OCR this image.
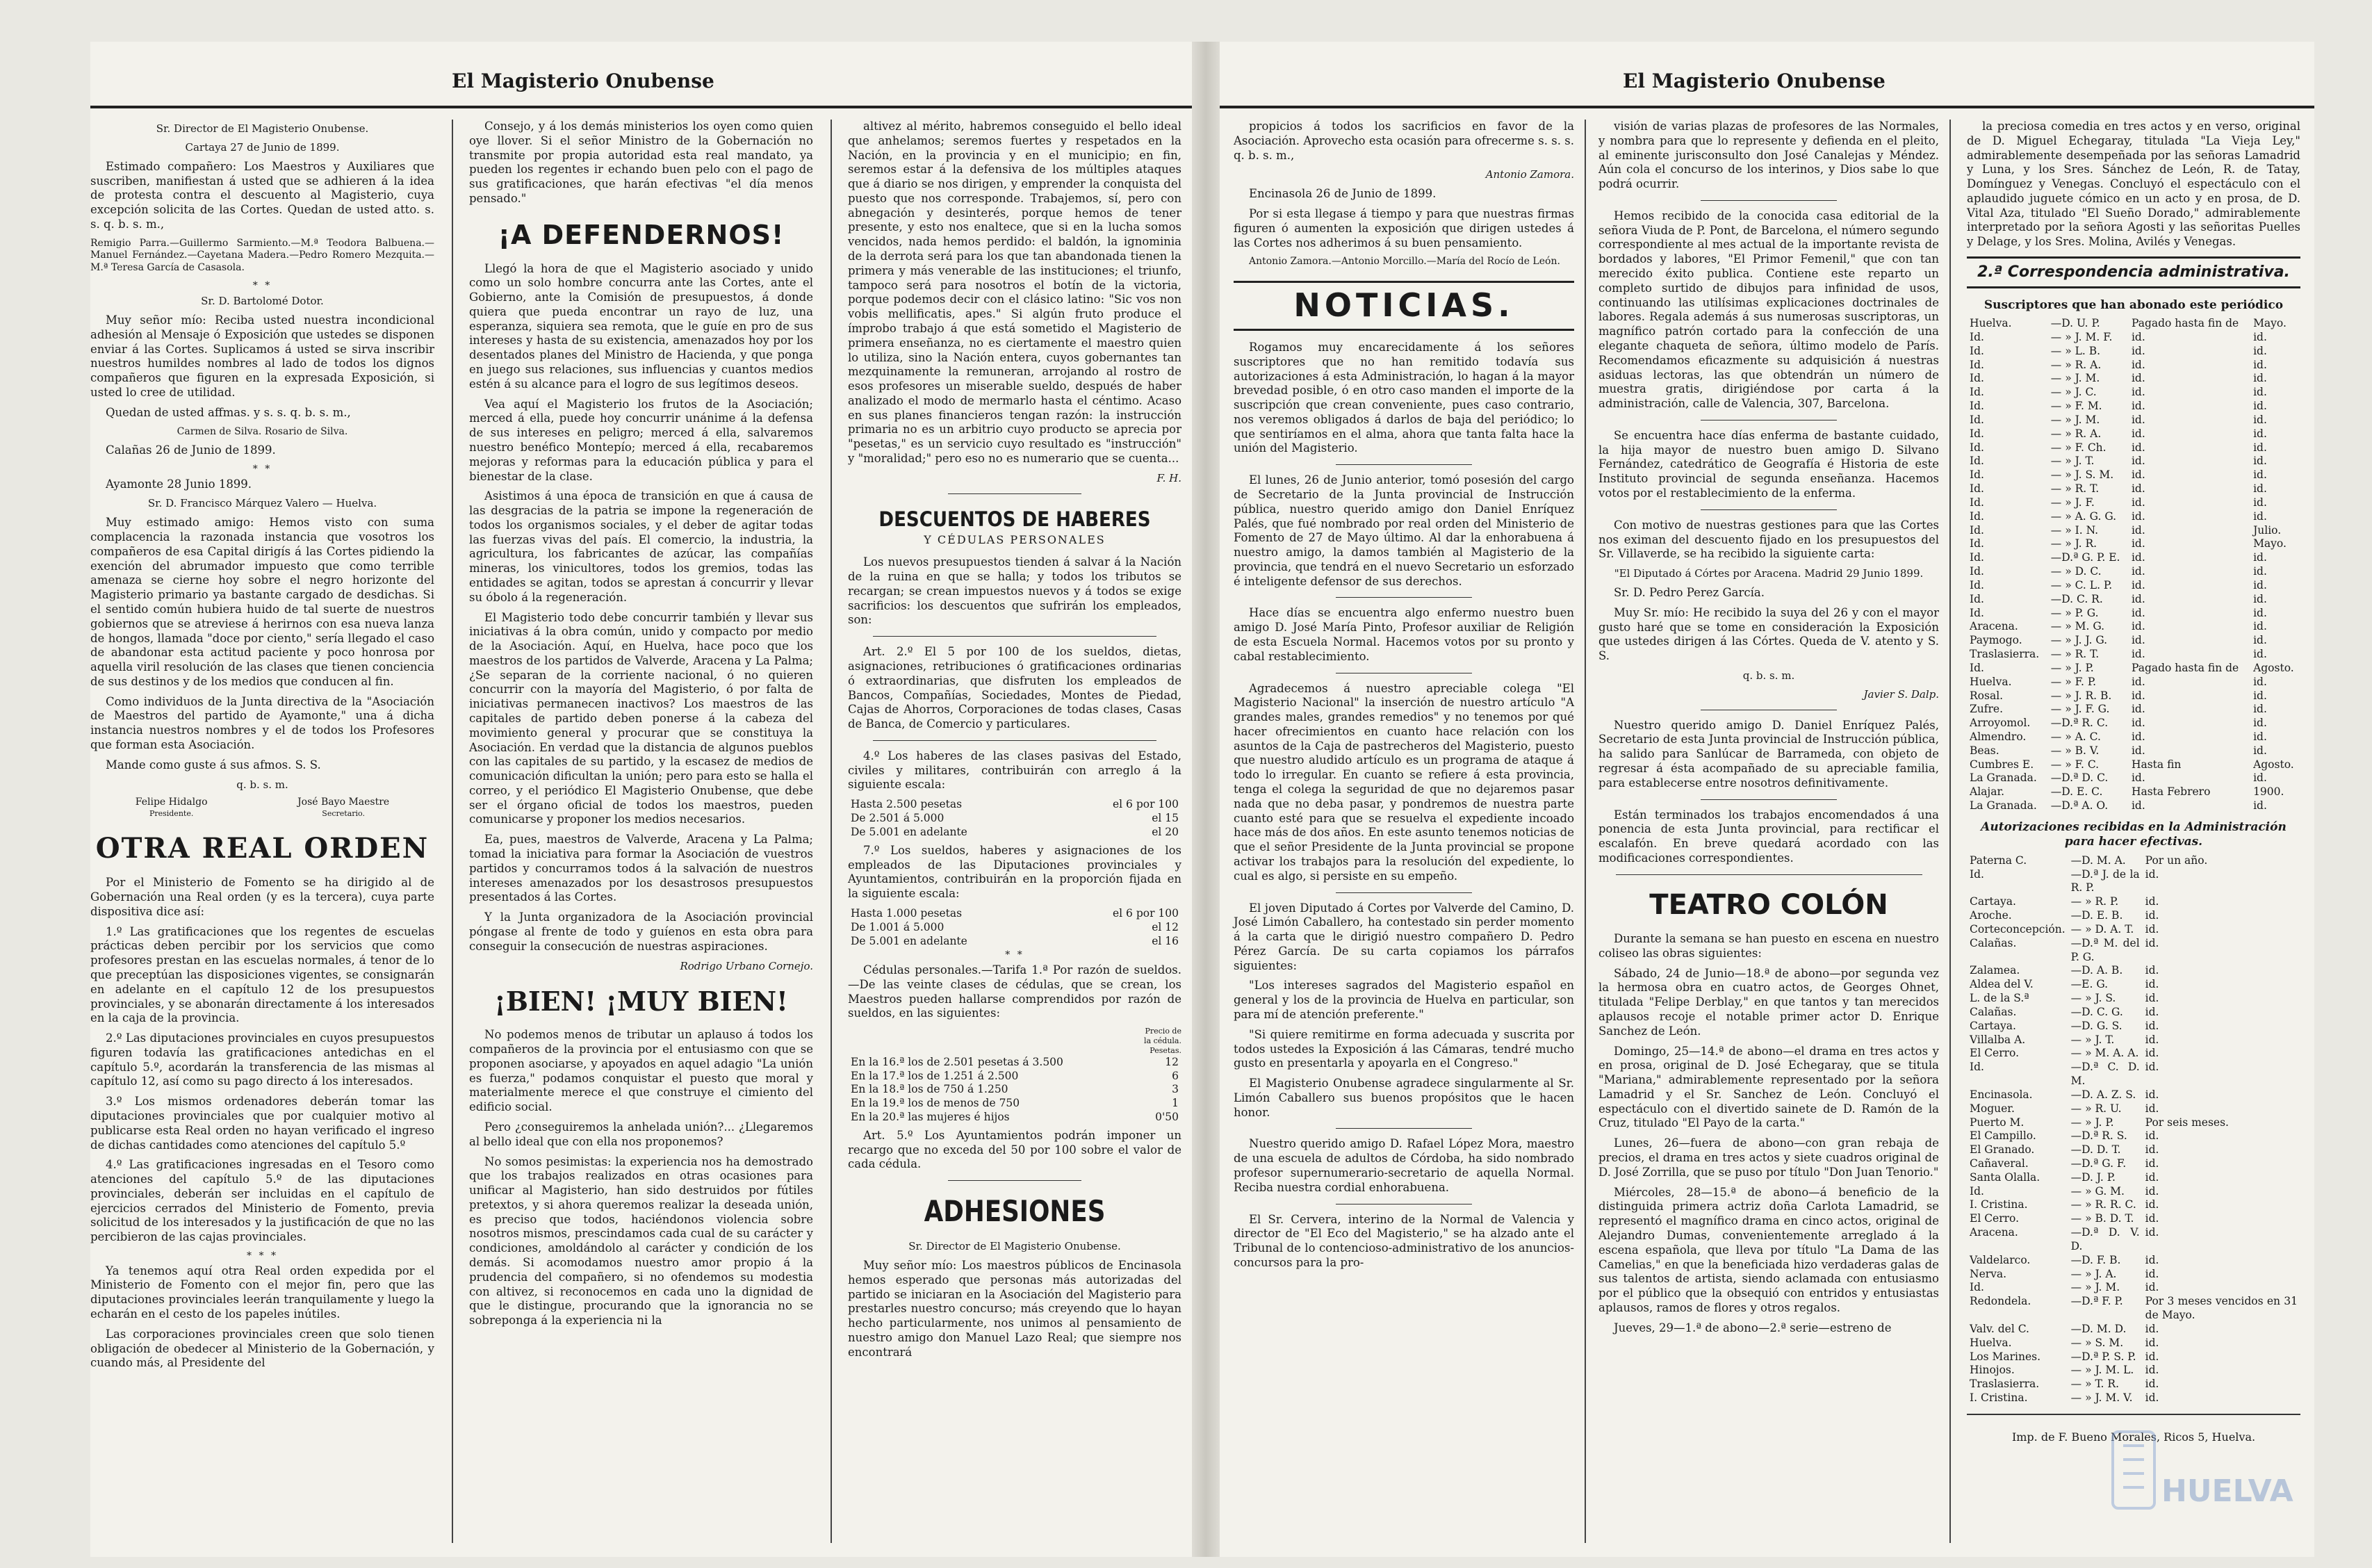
El Magisterio Onubense
Sr. Director de El Magisterio Onubense.
Cartaya 27 de Junio de 1899.

Estimado compañero: Los Maestros y Auxiliares que suscriben, manifiestan á usted que se adhieren á la idea de protesta contra el descuento al Magisterio, cuya excepción solicita de las Cortes. Quedan de usted atto. s. s. q. b. s. m.,

Remigio Parra.—Guillermo Sarmiento.—M.ª Teodora Balbuena.—Manuel Fernández.—Cayetana Madera.—Pedro Romero Mezquita.—M.ª Teresa García de Casasola.

* *
Sr. D. Bartolomé Dotor.

Muy señor mío: Reciba usted nuestra incondicional adhesión al Mensaje ó Exposición que ustedes se disponen enviar á las Cortes. Suplicamos á usted se sirva inscribir nuestros humildes nombres al lado de todos los dignos compañeros que figuren en la expresada Exposición, si usted lo cree de utilidad.

Quedan de usted affmas. y s. s. q. b. s. m.,

Carmen de Silva. Rosario de Silva.

Calañas 26 de Junio de 1899.

* *

Ayamonte 28 Junio 1899.

Sr. D. Francisco Márquez Valero — Huelva.

Muy estimado amigo: Hemos visto con suma complacencia la razonada instancia que vosotros los compañeros de esa Capital dirigís á las Cortes pidiendo la exención del abrumador impuesto que como terrible amenaza se cierne hoy sobre el negro horizonte del Magisterio primario ya bastante cargado de desdichas. Si el sentido común hubiera huido de tal suerte de nuestros gobiernos que se atreviese á herirnos con esa nueva lanza de hongos, llamada "doce por ciento," sería llegado el caso de abandonar esta actitud paciente y poco honrosa por aquella viril resolución de las clases que tienen conciencia de sus destinos y de los medios que conducen al fin.

Como individuos de la Junta directiva de la "Asociación de Maestros del partido de Ayamonte," una á dicha instancia nuestros nombres y el de todos los Profesores que forman esta Asociación.

Mande como guste á sus afmos. S. S.

q. b. s. m.
Felipe Hidalgo
Presidente.
José Bayo Maestre
Secretario.
OTRA REAL ORDEN

Por el Ministerio de Fomento se ha dirigido al de Gobernación una Real orden (y es la tercera), cuya parte dispositiva dice así:

1.º Las gratificaciones que los regentes de escuelas prácticas deben percibir por los servicios que como profesores prestan en las escuelas normales, á tenor de lo que preceptúan las disposiciones vigentes, se consignarán en adelante en el capítulo 12 de los presupuestos provinciales, y se abonarán directamente á los interesados en la caja de la provincia.

2.º Las diputaciones provinciales en cuyos presupuestos figuren todavía las gratificaciones antedichas en el capítulo 5.º, acordarán la transferencia de las mismas al capítulo 12, así como su pago directo á los interesados.

3.º Los mismos ordenadores deberán tomar las diputaciones provinciales que por cualquier motivo al publicarse esta Real orden no hayan verificado el ingreso de dichas cantidades como atenciones del capítulo 5.º

4.º Las gratificaciones ingresadas en el Tesoro como atenciones del capítulo 5.º de las diputaciones provinciales, deberán ser incluidas en el capítulo de ejercicios cerrados del Ministerio de Fomento, previa solicitud de los interesados y la justificación de que no las percibieron de las cajas provinciales.

* * *

Ya tenemos aquí otra Real orden expedida por el Ministerio de Fomento con el mejor fin, pero que las diputaciones provinciales leerán tranquilamente y luego la echarán en el cesto de los papeles inútiles.

Las corporaciones provinciales creen que solo tienen obligación de obedecer al Ministerio de la Gobernación, y cuando más, al Presidente del

Consejo, y á los demás ministerios los oyen como quien oye llover. Si el señor Ministro de la Gobernación no transmite por propia autoridad esta real mandato, ya pueden los regentes ir echando buen pelo con el pago de sus gratificaciones, que harán efectivas "el día menos pensado."

¡A DEFENDERNOS!

Llegó la hora de que el Magisterio asociado y unido como un solo hombre concurra ante las Cortes, ante el Gobierno, ante la Comisión de presupuestos, á donde quiera que pueda encontrar un rayo de luz, una esperanza, siquiera sea remota, que le guíe en pro de sus intereses y hasta de su existencia, amenazados hoy por los desentados planes del Ministro de Hacienda, y que ponga en juego sus relaciones, sus influencias y cuantos medios estén á su alcance para el logro de sus legítimos deseos.

Vea aquí el Magisterio los frutos de la Asociación; merced á ella, puede hoy concurrir unánime á la defensa de sus intereses en peligro; merced á ella, salvaremos nuestro benéfico Montepío; merced á ella, recabaremos mejoras y reformas para la educación pública y para el bienestar de la clase.

Asistimos á una época de transición en que á causa de las desgracias de la patria se impone la regeneración de todos los organismos sociales, y el deber de agitar todas las fuerzas vivas del país. El comercio, la industria, la agricultura, los fabricantes de azúcar, las compañías mineras, los vinicultores, todos los gremios, todas las entidades se agitan, todos se aprestan á concurrir y llevar su óbolo á la regeneración.

El Magisterio todo debe concurrir también y llevar sus iniciativas á la obra común, unido y compacto por medio de la Asociación. Aquí, en Huelva, hace poco que los maestros de los partidos de Valverde, Aracena y La Palma; ¿Se separan de la corriente nacional, ó no quieren concurrir con la mayoría del Magisterio, ó por falta de iniciativas permanecen inactivos? Los maestros de las capitales de partido deben ponerse á la cabeza del movimiento general y procurar que se constituya la Asociación. En verdad que la distancia de algunos pueblos con las capitales de su partido, y la escasez de medios de comunicación dificultan la unión; pero para esto se halla el correo, y el periódico El Magisterio Onubense, que debe ser el órgano oficial de todos los maestros, pueden comunicarse y proponer los medios necesarios.

Ea, pues, maestros de Valverde, Aracena y La Palma; tomad la iniciativa para formar la Asociación de vuestros partidos y concurramos todos á la salvación de nuestros intereses amenazados por los desastrosos presupuestos presentados á las Cortes.

Y la Junta organizadora de la Asociación provincial póngase al frente de todo y guíenos en esta obra para conseguir la consecución de nuestras aspiraciones.

Rodrigo Urbano Cornejo.
¡BIEN! ¡MUY BIEN!

No podemos menos de tributar un aplauso á todos los compañeros de la provincia por el entusiasmo con que se proponen asociarse, y apoyados en aquel adagio "La unión es fuerza," podamos conquistar el puesto que moral y materialmente merece el que construye el cimiento del edificio social.

Pero ¿conseguiremos la anhelada unión?... ¿Llegaremos al bello ideal que con ella nos proponemos?

No somos pesimistas: la experiencia nos ha demostrado que los trabajos realizados en otras ocasiones para unificar al Magisterio, han sido destruidos por fútiles pretextos, y si ahora queremos realizar la deseada unión, es preciso que todos, haciéndonos violencia sobre nosotros mismos, prescindamos cada cual de su carácter y condiciones, amoldándolo al carácter y condición de los demás. Si acomodamos nuestro amor propio á la prudencia del compañero, si no ofendemos su modestia con altivez, si reconocemos en cada uno la dignidad de que le distingue, procurando que la ignorancia no se sobreponga á la experiencia ni la

altivez al mérito, habremos conseguido el bello ideal que anhelamos; seremos fuertes y respetados en la Nación, en la provincia y en el municipio; en fin, seremos estar á la defensiva de los múltiples ataques que á diario se nos dirigen, y emprender la conquista del puesto que nos corresponde. Trabajemos, sí, pero con abnegación y desinterés, porque hemos de tener presente, y esto nos enaltece, que si en la lucha somos vencidos, nada hemos perdido: el baldón, la ignominia de la derrota será para los que tan abandonada tienen la primera y más venerable de las instituciones; el triunfo, tampoco será para nosotros el botín de la victoria, porque podemos decir con el clásico latino: "Sic vos non vobis mellificatis, apes." Si algún fruto produce el ímprobo trabajo á que está sometido el Magisterio de primera enseñanza, no es ciertamente el maestro quien lo utiliza, sino la Nación entera, cuyos gobernantes tan mezquinamente la remuneran, arrojando al rostro de esos profesores un miserable sueldo, después de haber analizado el modo de mermarlo hasta el céntimo. Acaso en sus planes financieros tengan razón: la instrucción primaria no es un arbitrio cuyo producto se aprecia por "pesetas," es un servicio cuyo resultado es "instrucción" y "moralidad;" pero eso no es numerario que se cuenta...

F. H.
DESCUENTOS DE HABERES
Y CÉDULAS PERSONALES

Los nuevos presupuestos tienden á salvar á la Nación de la ruina en que se halla; y todos los tributos se recargan; se crean impuestos nuevos y á todos se exige sacrificios: los descuentos que sufrirán los empleados, son:

Art. 2.º El 5 por 100 de los sueldos, dietas, asignaciones, retribuciones ó gratificaciones ordinarias ó extraordinarias, que disfruten los empleados de Bancos, Compañías, Sociedades, Montes de Piedad, Cajas de Ahorros, Corporaciones de todas clases, Casas de Banca, de Comercio y particulares.

4.º Los haberes de las clases pasivas del Estado, civiles y militares, contribuirán con arreglo á la siguiente escala:

Hasta 2.500 pesetas	el 6 por 100
De 2.501 á 5.000	el 15
De 5.001 en adelante	el 20

7.º Los sueldos, haberes y asignaciones de los empleados de las Diputaciones provinciales y Ayuntamientos, contribuirán en la proporción fijada en la siguiente escala:

Hasta 1.000 pesetas	el 6 por 100
De 1.001 á 5.000	el 12
De 5.001 en adelante	el 16
* *

Cédulas personales.—Tarifa 1.ª Por razón de sueldos.—De las veinte clases de cédulas, que se crean, los Maestros pueden hallarse comprendidos por razón de sueldos, en las siguientes:

Precio de la cédula. Pesetas.
En la 16.ª los de 2.501 pesetas á 3.500	12
En la 17.ª los de 1.251 á 2.500	6
En la 18.ª los de 750 á 1.250	3
En la 19.ª los de menos de 750	1
En la 20.ª las mujeres é hijos	0'50

Art. 5.º Los Ayuntamientos podrán imponer un recargo que no exceda del 50 por 100 sobre el valor de cada cédula.

ADHESIONES
Sr. Director de El Magisterio Onubense.

Muy señor mío: Los maestros públicos de Encinasola hemos esperado que personas más autorizadas del partido se iniciaran en la Asociación del Magisterio para prestarles nuestro concurso; más creyendo que lo hayan hecho particularmente, nos unimos al pensamiento de nuestro amigo don Manuel Lazo Real; que siempre nos encontrará

El Magisterio Onubense

propicios á todos los sacrificios en favor de la Asociación. Aprovecho esta ocasión para ofrecerme s. s. s. q. b. s. m.,

Antonio Zamora.

Encinasola 26 de Junio de 1899.

Por si esta llegase á tiempo y para que nuestras firmas figuren ó aumenten la exposición que dirigen ustedes á las Cortes nos adherimos á su buen pensamiento.

Antonio Zamora.—Antonio Morcillo.—María del Rocío de León.

NOTICIAS.

Rogamos muy encarecidamente á los señores suscriptores que no han remitido todavía sus autorizaciones á esta Administración, lo hagan á la mayor brevedad posible, ó en otro caso manden el importe de la suscripción que crean conveniente, pues caso contrario, nos veremos obligados á darlos de baja del periódico; lo que sentiríamos en el alma, ahora que tanta falta hace la unión del Magisterio.

El lunes, 26 de Junio anterior, tomó posesión del cargo de Secretario de la Junta provincial de Instrucción pública, nuestro querido amigo don Daniel Enríquez Palés, que fué nombrado por real orden del Ministerio de Fomento de 27 de Mayo último. Al dar la enhorabuena á nuestro amigo, la damos también al Magisterio de la provincia, que tendrá en el nuevo Secretario un esforzado é inteligente defensor de sus derechos.

Hace días se encuentra algo enfermo nuestro buen amigo D. José María Pinto, Profesor auxiliar de Religión de esta Escuela Normal. Hacemos votos por su pronto y cabal restablecimiento.

Agradecemos á nuestro apreciable colega "El Magisterio Nacional" la inserción de nuestro artículo "A grandes males, grandes remedios" y no tenemos por qué hacer ofrecimientos en cuanto hace relación con los asuntos de la Caja de pastrecheros del Magisterio, puesto que nuestro aludido artículo es un programa de ataque á todo lo irregular. En cuanto se refiere á esta provincia, tenga el colega la seguridad de que no dejaremos pasar nada que no deba pasar, y pondremos de nuestra parte cuanto esté para que se resuelva el expediente incoado hace más de dos años. En este asunto tenemos noticias de que el señor Presidente de la Junta provincial se propone activar los trabajos para la resolución del expediente, lo cual es algo, si persiste en su empeño.

El joven Diputado á Cortes por Valverde del Camino, D. José Limón Caballero, ha contestado sin perder momento á la carta que le dirigió nuestro compañero D. Pedro Pérez García. De su carta copiamos los párrafos siguientes:

"Los intereses sagrados del Magisterio español en general y los de la provincia de Huelva en particular, son para mí de atención preferente."

"Si quiere remitirme en forma adecuada y suscrita por todos ustedes la Exposición á las Cámaras, tendré mucho gusto en presentarla y apoyarla en el Congreso."

El Magisterio Onubense agradece singularmente al Sr. Limón Caballero sus buenos propósitos que le hacen honor.

Nuestro querido amigo D. Rafael López Mora, maestro de una escuela de adultos de Córdoba, ha sido nombrado profesor supernumerario-secretario de aquella Normal. Reciba nuestra cordial enhorabuena.

El Sr. Cervera, interino de la Normal de Valencia y director de "El Eco del Magisterio," se ha alzado ante el Tribunal de lo contencioso-administrativo de los anuncios-concursos para la pro-

visión de varias plazas de profesores de las Normales, y nombra para que lo represente y defienda en el pleito, al eminente jurisconsulto don José Canalejas y Méndez. Aún cola el concurso de los interinos, y Dios sabe lo que podrá ocurrir.

Hemos recibido de la conocida casa editorial de la señora Viuda de P. Pont, de Barcelona, el número segundo correspondiente al mes actual de la importante revista de bordados y labores, "El Primor Femenil," que con tan merecido éxito publica. Contiene este reparto un completo surtido de dibujos para infinidad de usos, continuando las utilísimas explicaciones doctrinales de labores. Regala además á sus numerosas suscriptoras, un magnífico patrón cortado para la confección de una elegante chaqueta de señora, último modelo de París. Recomendamos eficazmente su adquisición á nuestras asiduas lectoras, las que obtendrán un número de muestra gratis, dirigiéndose por carta á la administración, calle de Valencia, 307, Barcelona.

Se encuentra hace días enferma de bastante cuidado, la hija mayor de nuestro buen amigo D. Silvano Fernández, catedrático de Geografía é Historia de este Instituto provincial de segunda enseñanza. Hacemos votos por el restablecimiento de la enferma.

Con motivo de nuestras gestiones para que las Cortes nos eximan del descuento fijado en los presupuestos del Sr. Villaverde, se ha recibido la siguiente carta:

"El Diputado á Córtes por Aracena. Madrid 29 Junio 1899.

Sr. D. Pedro Perez García.

Muy Sr. mío: He recibido la suya del 26 y con el mayor gusto haré que se tome en consideración la Exposición que ustedes dirigen á las Córtes. Queda de V. atento y S. S.

q. b. s. m.
Javier S. Dalp.

Nuestro querido amigo D. Daniel Enríquez Palés, Secretario de esta Junta provincial de Instrucción pública, ha salido para Sanlúcar de Barrameda, con objeto de regresar á ésta acompañado de su apreciable familia, para establecerse entre nosotros definitivamente.

Están terminados los trabajos encomendados á una ponencia de esta Junta provincial, para rectificar el escalafón. En breve quedará acordado con las modificaciones correspondientes.

TEATRO COLÓN

Durante la semana se han puesto en escena en nuestro coliseo las obras siguientes:

Sábado, 24 de Junio—18.ª de abono—por segunda vez la hermosa obra en cuatro actos, de Georges Ohnet, titulada "Felipe Derblay," en que tantos y tan merecidos aplausos recoje el notable primer actor D. Enrique Sanchez de León.

Domingo, 25—14.ª de abono—el drama en tres actos y en prosa, original de D. José Echegaray, que se titula "Mariana," admirablemente representado por la señora Lamadrid y el Sr. Sanchez de León. Concluyó el espectáculo con el divertido sainete de D. Ramón de la Cruz, titulado "El Payo de la carta."

Lunes, 26—fuera de abono—con gran rebaja de precios, el drama en tres actos y siete cuadros original de D. José Zorrilla, que se puso por título "Don Juan Tenorio."

Miércoles, 28—15.ª de abono—á beneficio de la distinguida primera actriz doña Carlota Lamadrid, se representó el magnífico drama en cinco actos, original de Alejandro Dumas, convenientemente arreglado á la escena española, que lleva por título "La Dama de las Camelias," en que la beneficiada hizo verdaderas galas de sus talentos de artista, siendo aclamada con entusiasmo por el público que la obsequió con entridos y entusiastas aplausos, ramos de flores y otros regalos.

Jueves, 29—1.ª de abono—2.ª serie—estreno de

la preciosa comedia en tres actos y en verso, original de D. Miguel Echegaray, titulada "La Vieja Ley," admirablemente desempeñada por las señoras Lamadrid y Luna, y los Sres. Sánchez de León, R. de Tatay, Domínguez y Venegas. Concluyó el espectáculo con el aplaudido juguete cómico en un acto y en prosa, de D. Vital Aza, titulado "El Sueño Dorado," admirablemente interpretado por la señora Agosti y las señoritas Puelles y Delage, y los Sres. Molina, Avilés y Venegas.

2.ª Correspondencia administrativa.
Suscriptores que han abonado este periódico
Huelva.	—D. U. P.	Pagado hasta fin de	Mayo.
Id.	— » J. M. F.	id.	id.
Id.	— » L. B.	id.	id.
Id.	— » R. A.	id.	id.
Id.	— » J. M.	id.	id.
Id.	— » J. C.	id.	id.
Id.	— » F. M.	id.	id.
Id.	— » J. M.	id.	id.
Id.	— » R. A.	id.	id.
Id.	— » F. Ch.	id.	id.
Id.	— » J. T.	id.	id.
Id.	— » J. S. M.	id.	id.
Id.	— » R. T.	id.	id.
Id.	— » J. F.	id.	id.
Id.	— » A. G. G.	id.	id.
Id.	— » I. N.	id.	Julio.
Id.	— » J. R.	id.	Mayo.
Id.	—D.ª G. P. E.	id.	id.
Id.	— » D. C.	id.	id.
Id.	— » C. L. P.	id.	id.
Id.	—D. C. R.	id.	id.
Id.	— » P. G.	id.	id.
Aracena.	— » M. G.	id.	id.
Paymogo.	— » J. J. G.	id.	id.
Traslasierra.	— » R. T.	id.	id.
Id.	— » J. P.	Pagado hasta fin de	Agosto.
Huelva.	— » F. P.	id.	id.
Rosal.	— » J. R. B.	id.	id.
Zufre.	— » J. F. G.	id.	id.
Arroyomol.	—D.ª R. C.	id.	id.
Almendro.	— » A. C.	id.	id.
Beas.	— » B. V.	id.	id.
Cumbres E.	— » F. C.	Hasta fin	Agosto.
La Granada.	—D.ª D. C.	id.	id.
Alajar.	—D. E. C.	Hasta Febrero	1900.
La Granada.	—D.ª A. O.	id.	id.
Autorizaciones recibidas en la Administración para hacer efectivas.
Paterna C.	—D. M. A.	Por un año.
Id.	—D.ª J. de la R. P.	id.
Cartaya.	— » R. P.	id.
Aroche.	—D. E. B.	id.
Corteconcepción.	— » D. A. T.	id.
Calañas.	—D.ª M. del P. G.	id.
Zalamea.	—D. A. B.	id.
Aldea del V.	—E. G.	id.
L. de la S.ª	— » J. S.	id.
Calañas.	—D. C. G.	id.
Cartaya.	—D. G. S.	id.
Villalba A.	— » J. T.	id.
El Cerro.	— » M. A. A.	id.
Id.	—D.ª C. D. M.	id.
Encinasola.	—D. A. Z. S.	id.
Moguer.	— » R. U.	id.
Puerto M.	— » J. P.	Por seis meses.
El Campillo.	—D.ª R. S.	id.
El Granado.	—D. D. T.	id.
Cañaveral.	—D.ª G. F.	id.
Santa Olalla.	—D. J. P.	id.
Id.	— » G. M.	id.
I. Cristina.	— » R. R. C.	id.
El Cerro.	— » B. D. T.	id.
Aracena.	—D.ª D. V. D.	id.
Valdelarco.	—D. F. B.	id.
Nerva.	— » J. A.	id.
Id.	— » J. M.	id.
Redondela.	—D.ª F. P.	Por 3 meses vencidos en 31 de Mayo.
Valv. del C.	—D. M. D.	id.
Huelva.	— » S. M.	id.
Los Marines.	—D.ª P. S. P.	id.
Hinojos.	— » J. M. L.	id.
Traslasierra.	— » T. R.	id.
I. Cristina.	— » J. M. V.	id.
Imp. de F. Bueno Morales, Ricos 5, Huelva.
HUELVA
